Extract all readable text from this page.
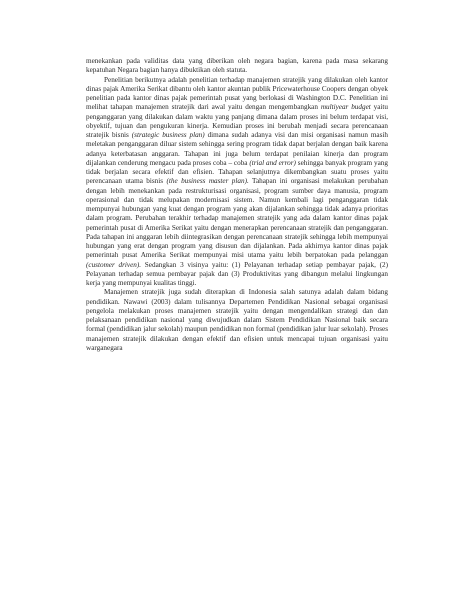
menekankan pada validitas data yang diberikan oleh negara bagian, karena pada masa sekarang kepatuhan Negara bagian hanya dibuktikan oleh statuta.

Penelitian berikutnya adalah penelitian terhadap manajemen stratejik yang dilakukan oleh kantor dinas pajak Amerika Serikat dibantu oleh kantor akuntan publik Pricewaterhouse Coopers dengan obyek penelitian pada kantor dinas pajak pemerintah pusat yang berlokasi di Washington D.C. Penelitian ini melihat tahapan manajemen stratejik dari awal yaitu dengan mengembangkan multiyear budget yaitu penganggaran yang dilakukan dalam waktu yang panjang dimana dalam proses ini belum terdapat visi, obyektif, tujuan dan pengukuran kinerja. Kemudian proses ini berubah menjadi secara perencanaan stratejik bisnis (strategic business plan) dimana sudah adanya visi dan misi organisasi namun masih meletakan penganggaran diluar sistem sehingga sering program tidak dapat berjalan dengan baik karena adanya keterbatasan anggaran. Tahapan ini juga belum terdapat penilaian kinerja dan program dijalankan cenderung mengacu pada proses coba – coba (trial and error) sehingga banyak program yang tidak berjalan secara efektif dan efisien. Tahapan selanjutnya dikembangkan suatu proses yaitu perencanaan utama bisnis (the business master plan). Tahapan ini organisasi melakukan perubahan dengan lebih menekankan pada restrukturisasi organisasi, program sumber daya manusia, program operasional dan tidak melupakan modernisasi sistem. Namun kembali lagi penganggaran tidak mempunyai hubungan yang kuat dengan program yang akan dijalankan sehingga tidak adanya prioritas dalam program. Perubahan terakhir terhadap manajemen stratejik yang ada dalam kantor dinas pajak pemerintah pusat di Amerika Serikat yaitu dengan menerapkan perencanaan stratejik dan penganggaran. Pada tahapan ini anggaran lebih diintegrasikan dengan perencanaan stratejik sehingga lebih mempunyai hubungan yang erat dengan program yang disusun dan dijalankan. Pada akhirnya kantor dinas pajak pemerintah pusat Amerika Serikat mempunyai misi utama yaitu lebih berpatokan pada pelanggan (customer driven). Sedangkan 3 visinya yaitu: (1) Pelayanan terhadap setiap pembayar pajak, (2) Pelayanan terhadap semua pembayar pajak dan (3) Produktivitas yang dibangun melalui lingkungan kerja yang mempunyai kualitas tinggi.

Manajemen stratejik juga sudah diterapkan di Indonesia salah satunya adalah dalam bidang pendidikan. Nawawi (2003) dalam tulisannya Departemen Pendidikan Nasional sebagai organisasi pengelola melakukan proses manajemen stratejik yaitu dengan mengendalikan strategi dan dan pelaksanaan pendidikan nasional yang diwujudkan dalam Sistem Pendidikan Nasional baik secara formal (pendidikan jalur sekolah) maupun pendidikan non formal (pendidikan jalur luar sekolah). Proses manajemen stratejik dilakukan dengan efektif dan efisien untuk mencapai tujuan organisasi yaitu warganegara
